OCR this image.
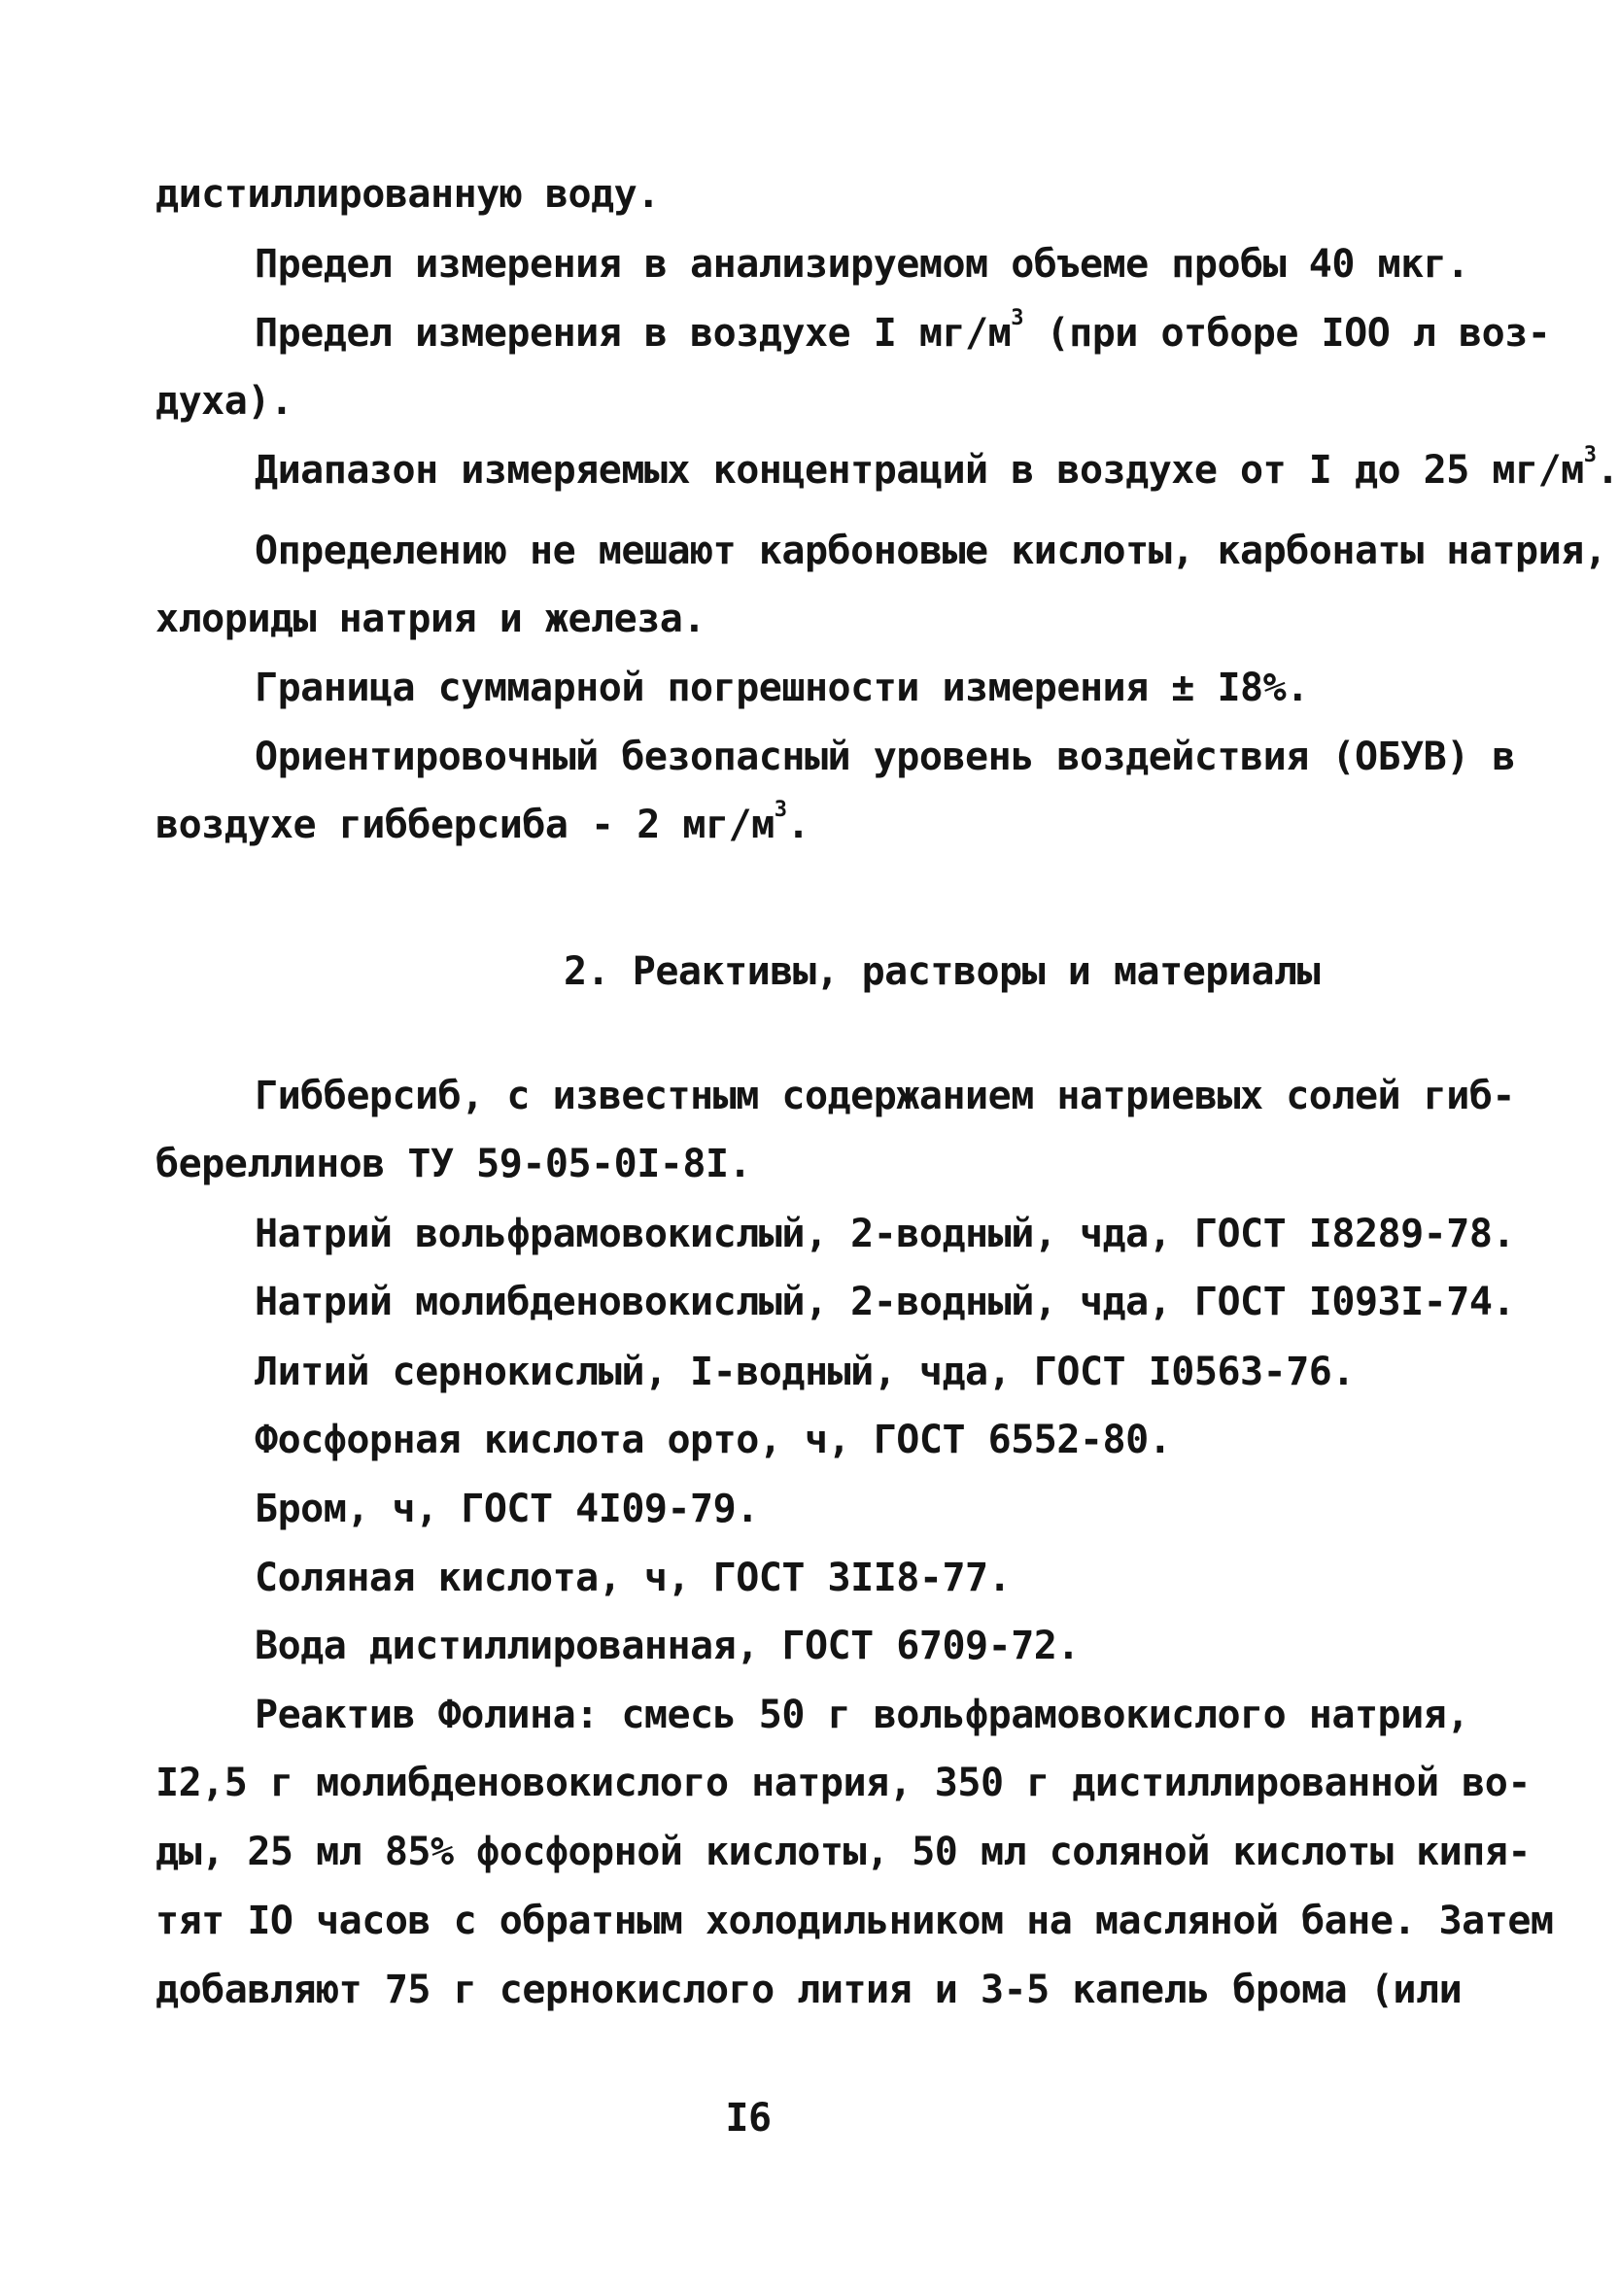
дистиллированную воду.
Предел измерения в анализируемом объеме пробы 40 мкг.
Предел измерения в воздухе I $мг/м^3$ (при отборе IOO л воз-
духа).
Диапазон измеряемых концентраций в воздухе от I до 25 $мг/м^3$.
Определению не мешают карбоновые кислоты, карбонаты натрия,
хлориды натрия и железа.
Граница суммарной погрешности измерения ± I8%.
Ориентировочный безопасный уровень воздействия (ОБУВ) в
воздухе гибберсиба - 2 $мг/м^3$.
2. Реактивы, растворы и материалы
Гибберсиб, с известным содержанием натриевых солей гиб-
береллинов ТУ 59-05-0I-8I.
Натрий вольфрамовокислый, 2-водный, чда, ГОСТ I8289-78.
Натрий молибденовокислый, 2-водный, чда, ГОСТ I093I-74.
Литий сернокислый, I-водный, чда, ГОСТ I0563-76.
Фосфорная кислота орто, ч, ГОСТ 6552-80.
Бром, ч, ГОСТ 4I09-79.
Соляная кислота, ч, ГОСТ 3II8-77.
Вода дистиллированная, ГОСТ 6709-72.
Реактив Фолина: смесь 50 г вольфрамовокислого натрия,
I2,5 г молибденовокислого натрия, 350 г дистиллированной во-
ды, 25 мл 85% фосфорной кислоты, 50 мл соляной кислоты кипя-
тят IO часов с обратным холодильником на масляной бане. Затем
добавляют 75 г сернокислого лития и 3-5 капель брома (или
I6
